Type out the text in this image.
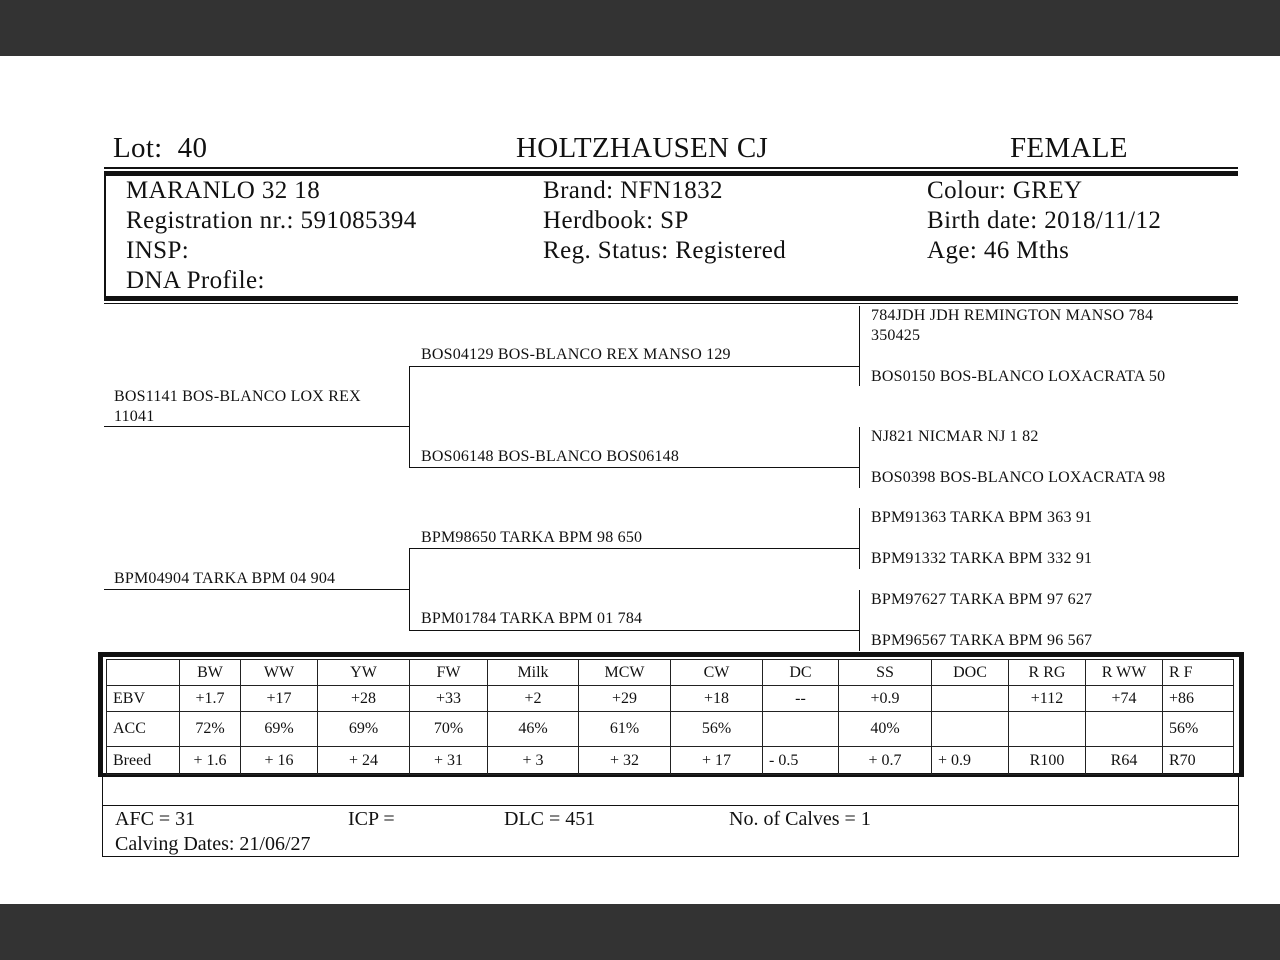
Lot: 40	HOLTZHAUSEN CJ	FEMALE
MARANLO 32 18
Registration nr.: 591085394
INSP:
DNA Profile:
Brand: NFN1832
Herdbook: SP
Reg. Status: Registered
Colour: GREY
Birth date: 2018/11/12
Age: 46 Mths
BOS1141 BOS-BLANCO LOX REX
11041
BPM04904 TARKA BPM 04 904
BOS04129 BOS-BLANCO REX MANSO 129
BOS06148 BOS-BLANCO BOS06148
BPM98650 TARKA BPM 98 650
BPM01784 TARKA BPM 01 784
784JDH JDH REMINGTON MANSO 784
350425
BOS0150 BOS-BLANCO LOXACRATA 50
NJ821 NICMAR NJ 1 82
BOS0398 BOS-BLANCO LOXACRATA 98
BPM91363 TARKA BPM 363 91
BPM91332 TARKA BPM 332 91
BPM97627 TARKA BPM 97 627
BPM96567 TARKA BPM 96 567
	BW	WW	YW	FW	Milk	MCW	CW	DC	SS	DOC	R RG	R WW	R F
EBV	+1.7	+17	+28	+33	+2	+29	+18	--	+0.9		+112	+74	+86
ACC	72%	69%	69%	70%	46%	61%	56%		40%				56%
Breed	+ 1.6	+ 16	+ 24	+ 31	+ 3	+ 32	+ 17	- 0.5	+ 0.7	+ 0.9	R100	R64	R70
AFC = 31	ICP =	DLC = 451	No. of Calves = 1
Calving Dates: 21/06/27
